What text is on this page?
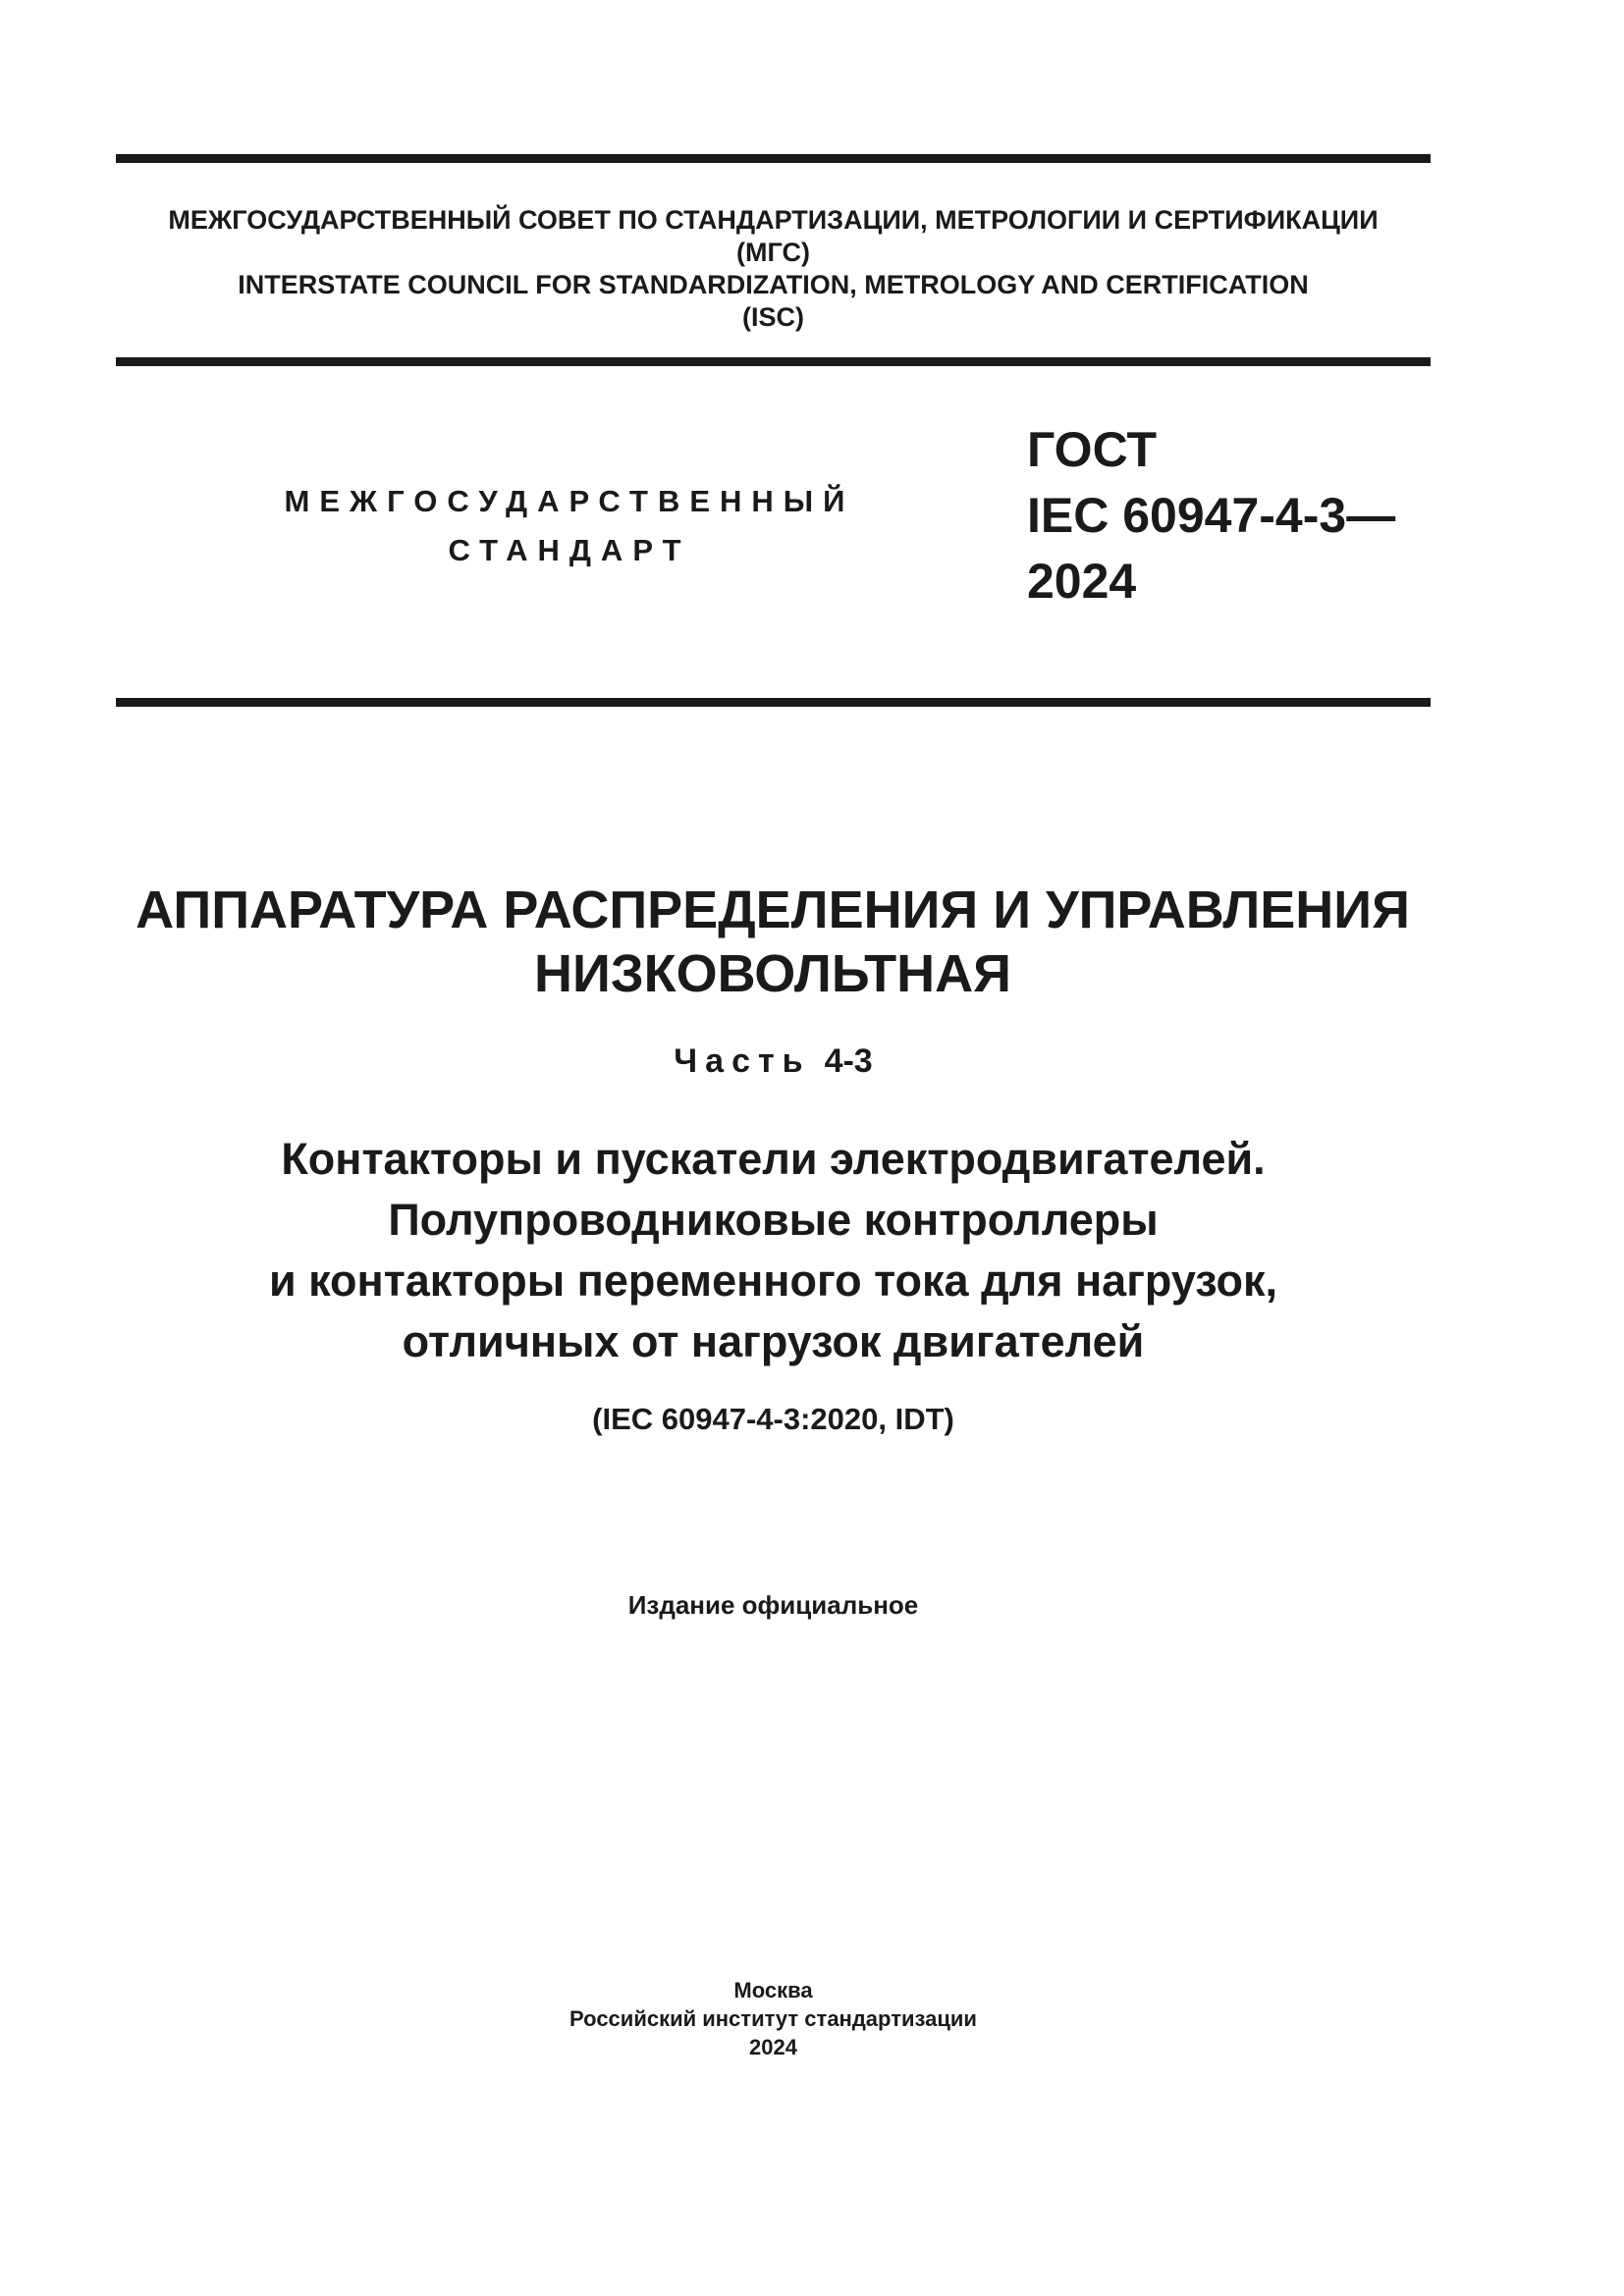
МЕЖГОСУДАРСТВЕННЫЙ СОВЕТ ПО СТАНДАРТИЗАЦИИ, МЕТРОЛОГИИ И СЕРТИФИКАЦИИ
(МГС)
INTERSTATE COUNCIL FOR STANDARDIZATION, METROLOGY AND CERTIFICATION
(ISC)
МЕЖГОСУДАРСТВЕННЫЙ
СТАНДАРТ
ГОСТ
IEC 60947-4-3—
2024
АППАРАТУРА РАСПРЕДЕЛЕНИЯ И УПРАВЛЕНИЯ
НИЗКОВОЛЬТНАЯ
Часть 4-3
Контакторы и пускатели электродвигателей.
Полупроводниковые контроллеры
и контакторы переменного тока для нагрузок,
отличных от нагрузок двигателей
(IEC 60947-4-3:2020, IDT)
Издание официальное
Москва
Российский институт стандартизации
2024
